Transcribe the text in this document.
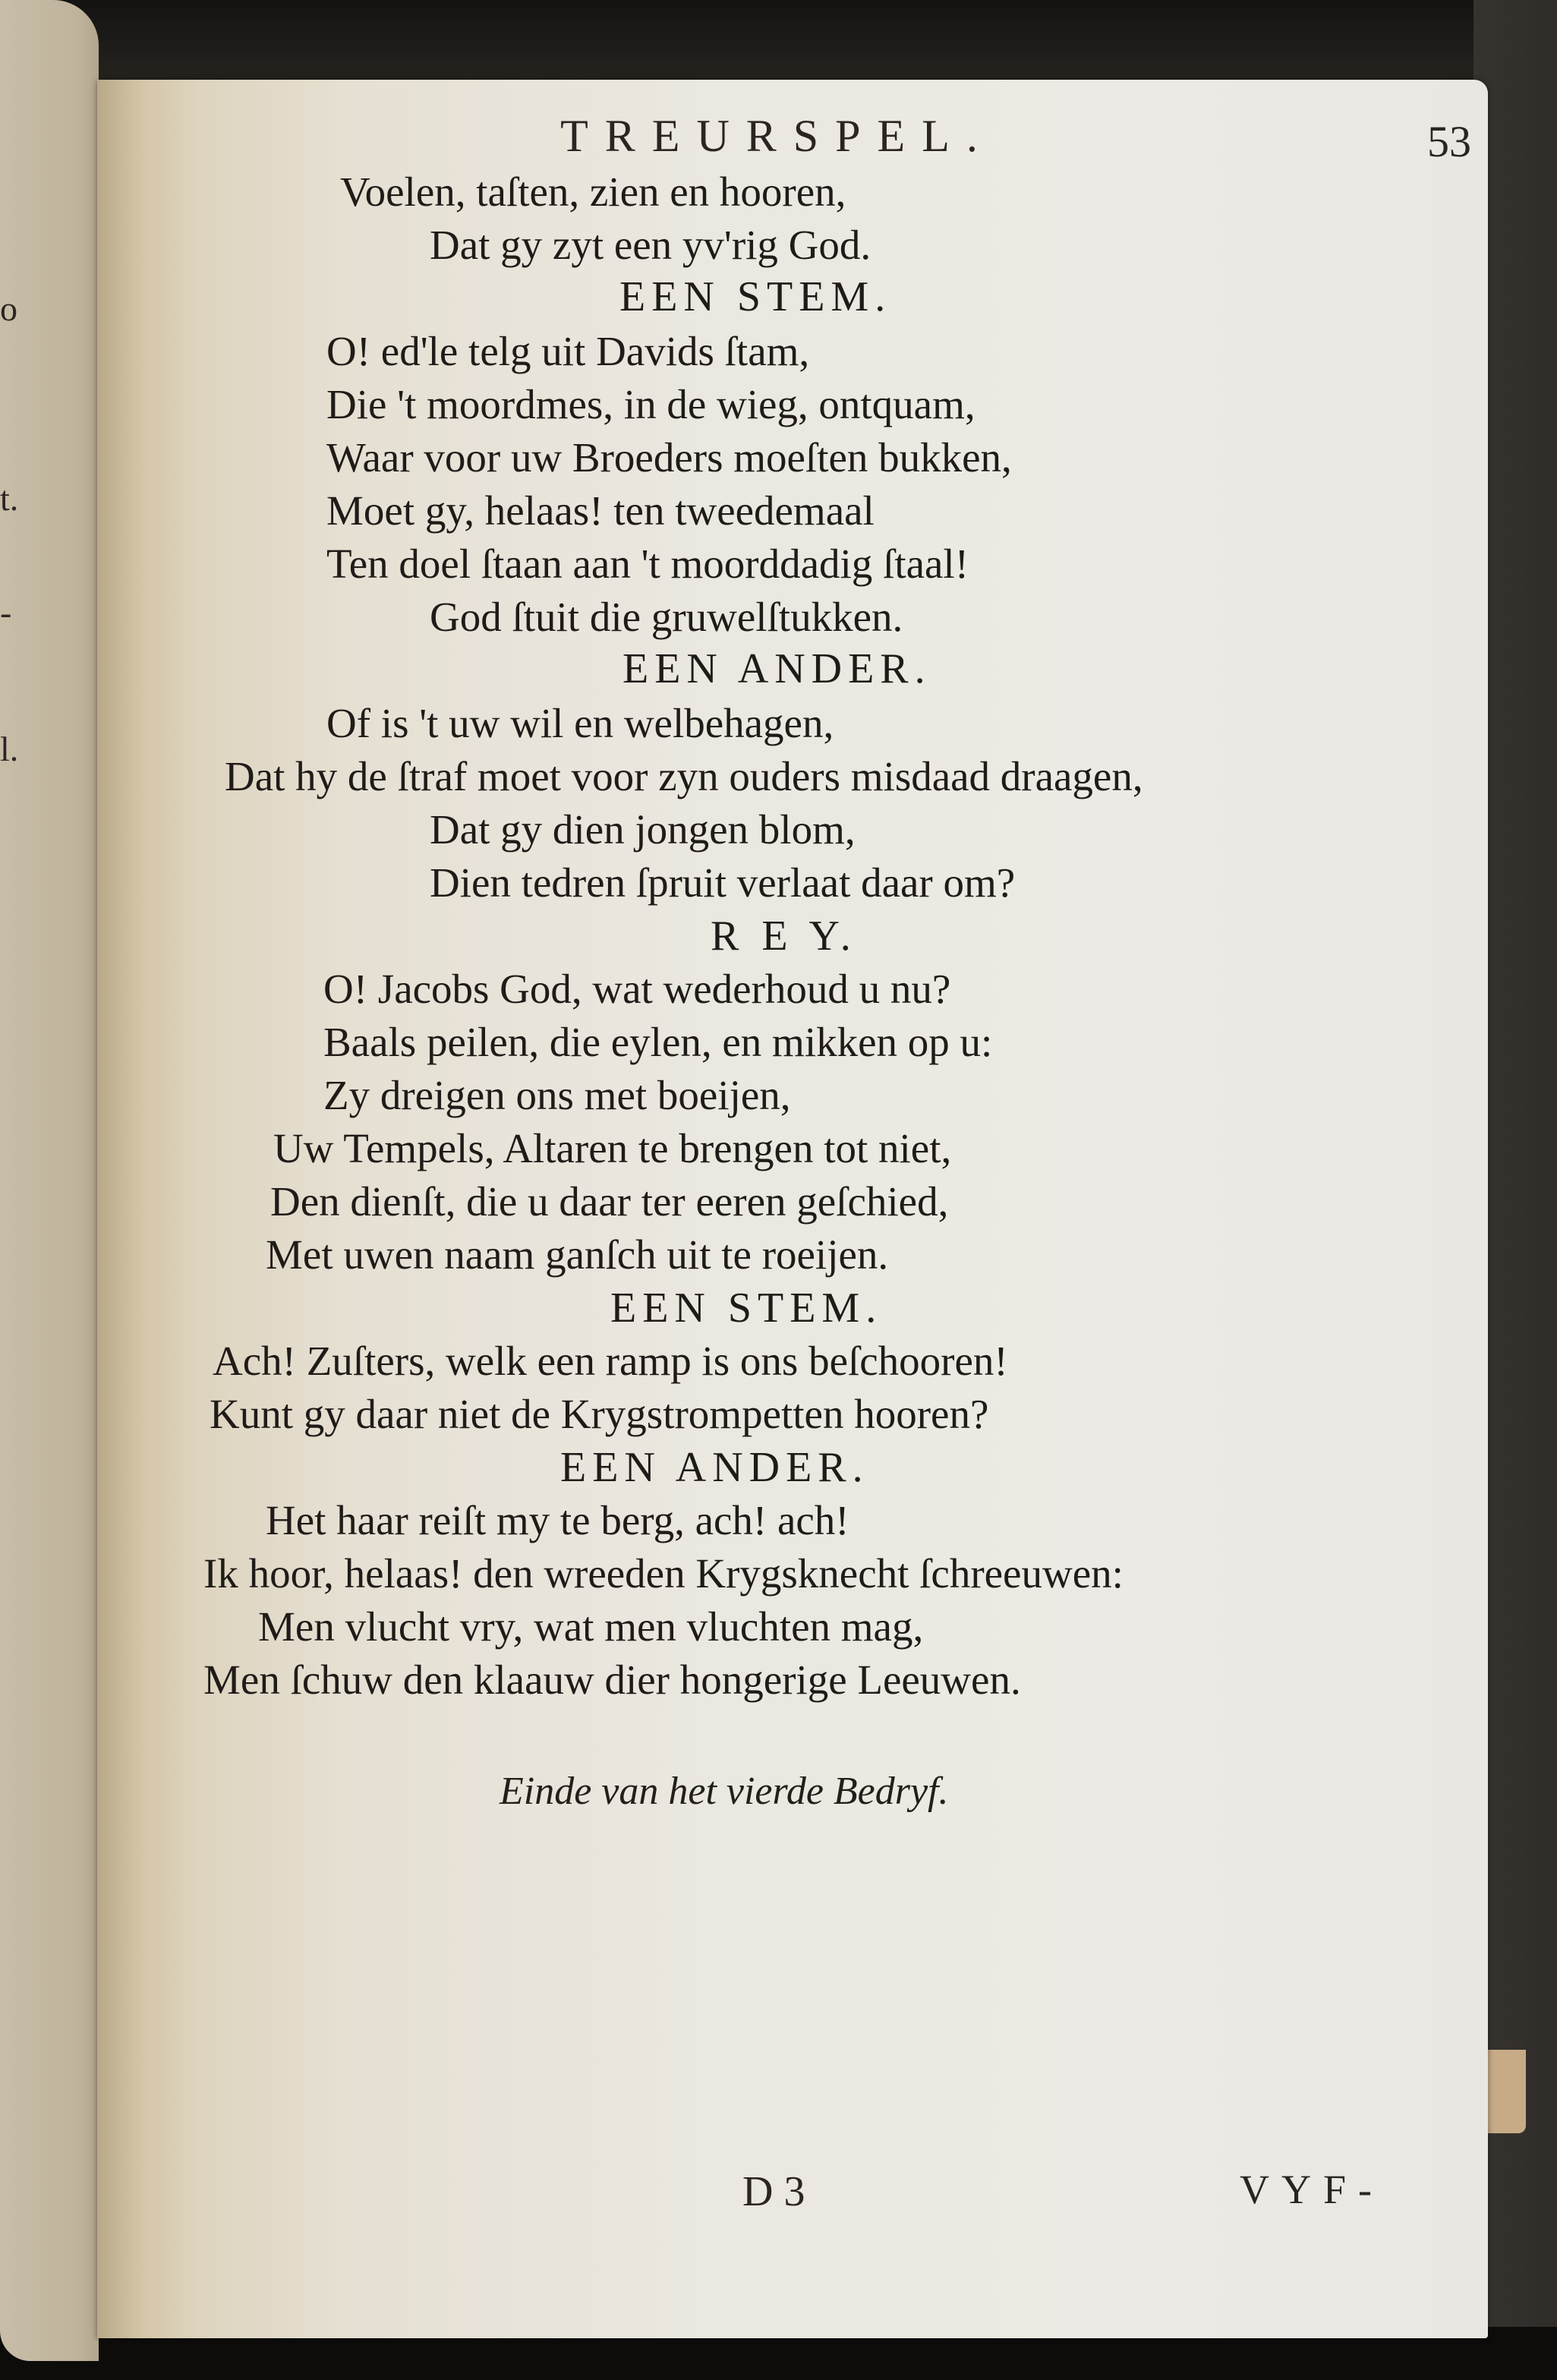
o
t.
-
l.
TREURSPEL.	53
Voelen, taſten, zien en hooren,
Dat gy zyt een yv'rig God.
EEN STEM.
O! ed'le telg uit Davids ſtam,
Die 't moordmes, in de wieg, ontquam,
Waar voor uw Broeders moeſten bukken,
Moet gy, helaas! ten tweedemaal
Ten doel ſtaan aan 't moorddadig ſtaal!
God ſtuit die gruwelſtukken.
EEN ANDER.
Of is 't uw wil en welbehagen,
Dat hy de ſtraf moet voor zyn ouders misdaad draagen,
Dat gy dien jongen blom,
Dien tedren ſpruit verlaat daar om?
R E Y.
O! Jacobs God, wat wederhoud u nu?
Baals peilen, die eylen, en mikken op u:
Zy dreigen ons met boeijen,
Uw Tempels, Altaren te brengen tot niet,
Den dienſt, die u daar ter eeren geſchied,
Met uwen naam ganſch uit te roeijen.
EEN STEM.
Ach! Zuſters, welk een ramp is ons beſchooren!
Kunt gy daar niet de Krygstrompetten hooren?
EEN ANDER.
Het haar reiſt my te berg, ach! ach!
Ik hoor, helaas! den wreeden Krygsknecht ſchreeuwen:
Men vlucht vry, wat men vluchten mag,
Men ſchuw den klaauw dier hongerige Leeuwen.
Einde van het vierde Bedryf.
D 3	VYF-
